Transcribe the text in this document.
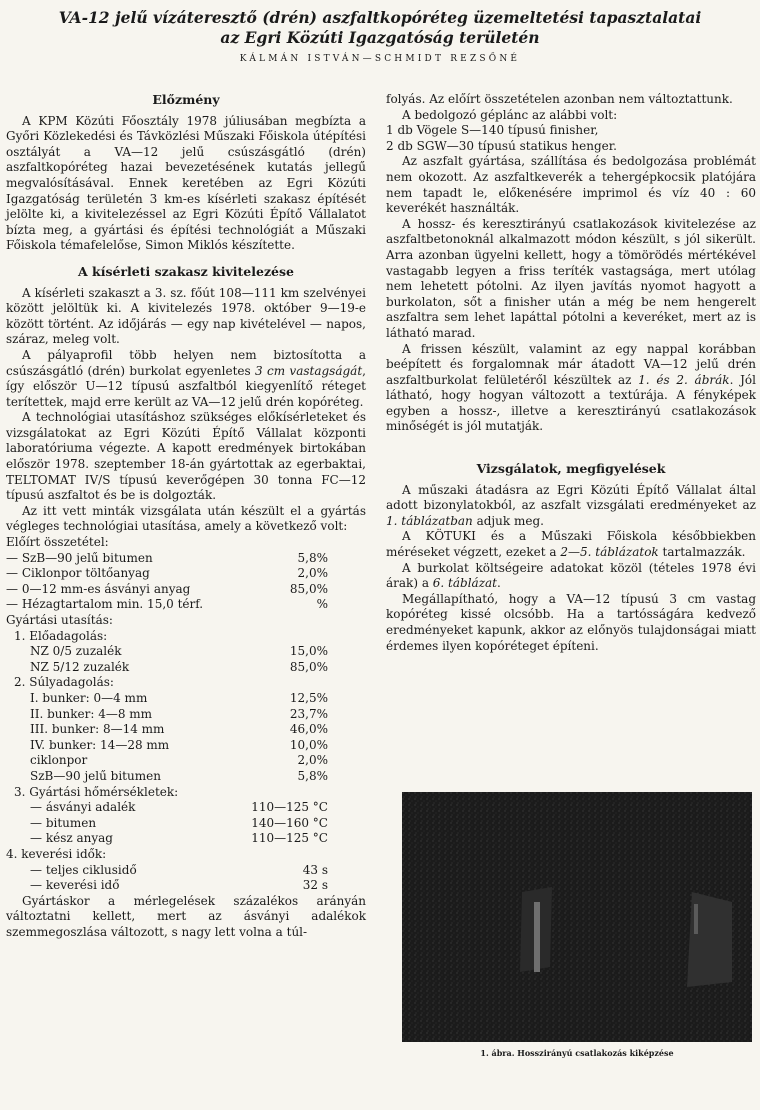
VA-12 jelű vízáteresztő (drén) aszfaltkopóréteg üzemeltetési tapasztalatai
az Egri Közúti Igazgatóság területén
KÁLMÁN ISTVÁN—SCHMIDT REZSŐNÉ
Előzmény

A KPM Közúti Főosztály 1978 júliusában megbízta a Győri Közlekedési és Távközlési Műszaki Főiskola útépítési osztályát a VA—12 jelű csúszásgátló (drén) aszfaltkopóréteg hazai bevezetésének kutatás jellegű megvalósításával. Ennek keretében az Egri Közúti Igazgatóság területén 3 km-es kísérleti szakasz építését jelölte ki, a kivitelezéssel az Egri Közúti Építő Vállalatot bízta meg, a gyártási és építési technológiát a Műszaki Főiskola témafelelőse, Simon Miklós készítette.

A kísérleti szakasz kivitelezése

A kísérleti szakaszt a 3. sz. főút 108—111 km szelvényei között jelöltük ki. A kivitelezés 1978. október 9—19-e között történt. Az időjárás — egy nap kivételével — napos, száraz, meleg volt.

A pályaprofil több helyen nem biztosította a csúszásgátló (drén) burkolat egyenletes 3 cm vastagságát, így először U—12 típusú aszfaltból kiegyenlítő réteget terítettek, majd erre került az VA—12 jelű drén kopóréteg.

A technológiai utasításhoz szükséges előkísérleteket és vizsgálatokat az Egri Közúti Építő Vállalat központi laboratóriuma végezte. A kapott eredmények birtokában először 1978. szeptember 18-án gyártottak az egerbaktai, TELTOMAT IV/S típusú keverőgépen 30 tonna FC—12 típusú aszfaltot és be is dolgozták.

Az itt vett minták vizsgálata után készült el a gyártás végleges technológiai utasítása, amely a következő volt:

Előírt összetétel:
— SzB—90 jelű bitumen	5,8%
— Ciklonpor töltőanyag	2,0%
— 0—12 mm-es ásványi anyag	85,0%
— Hézagtartalom min. 15,0 térf.	%
Gyártási utasítás:
1. Előadagolás:
NZ 0/5 zuzalék	15,0%
NZ 5/12 zuzalék	85,0%
2. Súlyadagolás:
I. bunker: 0—4 mm	12,5%
II. bunker: 4—8 mm	23,7%
III. bunker: 8—14 mm	46,0%
IV. bunker: 14—28 mm	10,0%
ciklonpor	2,0%
SzB—90 jelű bitumen	5,8%
3. Gyártási hőmérsékletek:
— ásványi adalék	110—125 °C
— bitumen	140—160 °C
— kész anyag	110—125 °C
4. keverési idők:
— teljes ciklusidő	43 s
— keverési idő	32 s

Gyártáskor a mérlegelések százalékos arányán változtatni kellett, mert az ásványi adalékok szemmegoszlása változott, s nagy lett volna a túl-

folyás. Az előírt összetételen azonban nem változtattunk.

A bedolgozó géplánc az alábbi volt:

1 db Vögele S—140 típusú finisher,
2 db SGW—30 típusú statikus henger.

Az aszfalt gyártása, szállítása és bedolgozása problémát nem okozott. Az aszfaltkeverék a tehergépkocsik platójára nem tapadt le, előkenésére imprimol és víz 40 : 60 keverékét használták.

A hossz- és keresztirányú csatlakozások kivitelezése az aszfaltbetonoknál alkalmazott módon készült, s jól sikerült. Arra azonban ügyelni kellett, hogy a tömörödés mértékével vastagabb legyen a friss teríték vastagsága, mert utólag nem lehetett pótolni. Az ilyen javítás nyomot hagyott a burkolaton, sőt a finisher után a még be nem hengerelt aszfaltra sem lehet lapáttal pótolni a keveréket, mert az is látható marad.

A frissen készült, valamint az egy nappal korábban beépített és forgalomnak már átadott VA—12 jelű drén aszfaltburkolat felületéről készültek az 1. és 2. ábrák. Jól látható, hogy hogyan változott a textúrája. A fényképek egyben a hossz-, illetve a keresztirányú csatlakozások minőségét is jól mutatják.

Vizsgálatok, megfigyelések

A műszaki átadásra az Egri Közúti Építő Vállalat által adott bizonylatokból, az aszfalt vizsgálati eredményeket az 1. táblázatban adjuk meg.

A KÖTUKI és a Műszaki Főiskola későbbiekben méréseket végzett, ezeket a 2—5. táblázatok tartalmazzák.

A burkolat költségeire adatokat közöl (tételes 1978 évi árak) a 6. táblázat.

Megállapítható, hogy a VA—12 típusú 3 cm vastag kopóréteg kissé olcsóbb. Ha a tartósságára kedvező eredményeket kapunk, akkor az előnyös tulajdonságai miatt érdemes ilyen kopóréteget építeni.

1. ábra. Hosszirányú csatlakozás kiképzése
